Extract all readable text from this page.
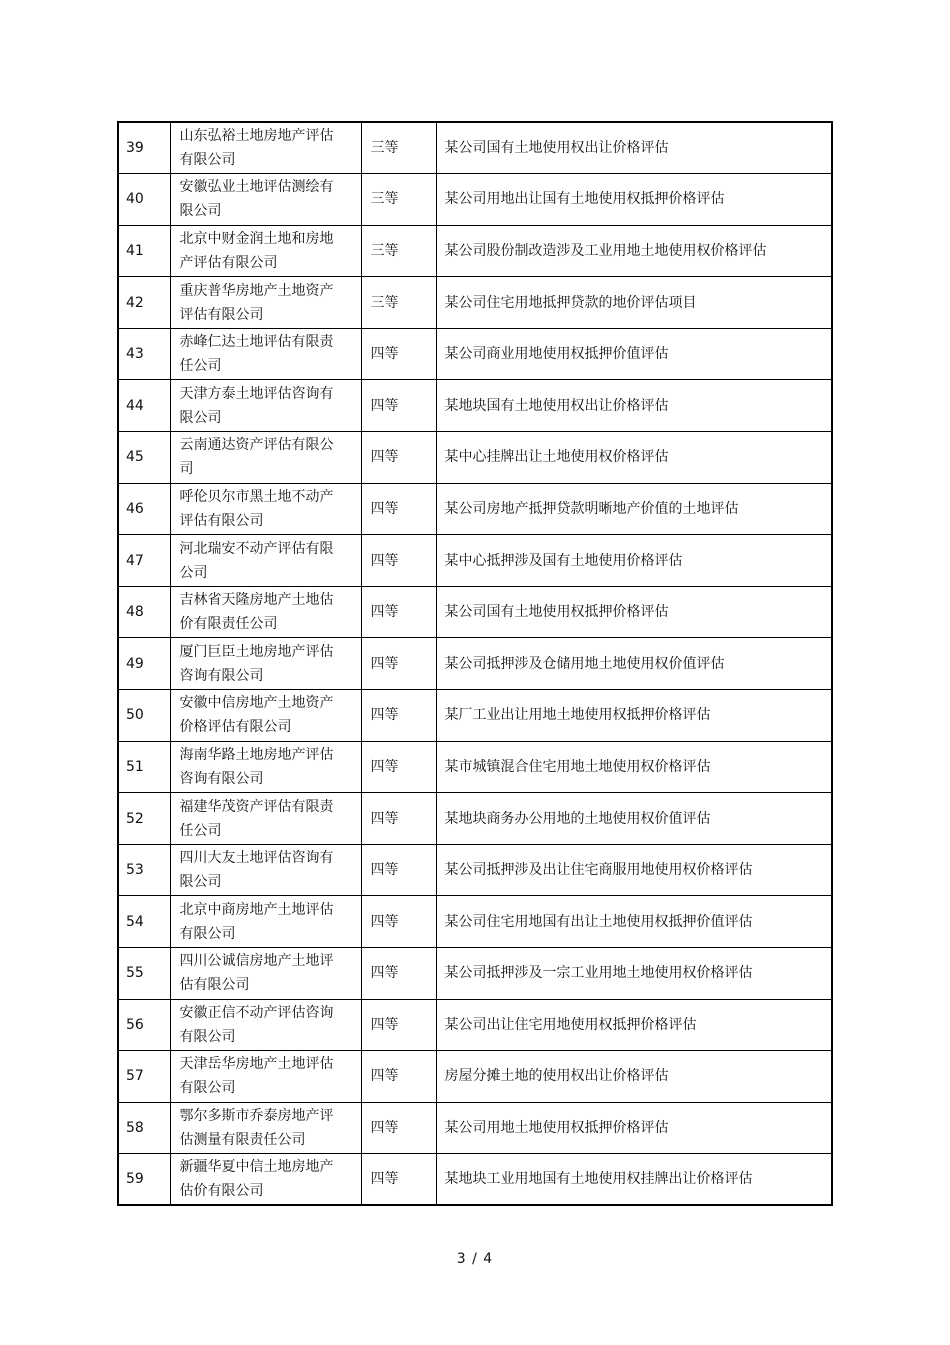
39	山东弘裕土地房地产评估有限公司	三等	某公司国有土地使用权出让价格评估

40	安徽弘业土地评估测绘有限公司	三等	某公司用地出让国有土地使用权抵押价格评估

41	北京中财金润土地和房地产评估有限公司	三等	某公司股份制改造涉及工业用地土地使用权价格评估

42	重庆普华房地产土地资产评估有限公司	三等	某公司住宅用地抵押贷款的地价评估项目

43	赤峰仁达土地评估有限责任公司	四等	某公司商业用地使用权抵押价值评估

44	天津方泰土地评估咨询有限公司	四等	某地块国有土地使用权出让价格评估

45	云南通达资产评估有限公司	四等	某中心挂牌出让土地使用权价格评估

46	呼伦贝尔市黑土地不动产评估有限公司	四等	某公司房地产抵押贷款明晰地产价值的土地评估

47	河北瑞安不动产评估有限公司	四等	某中心抵押涉及国有土地使用价格评估

48	吉林省天隆房地产土地估价有限责任公司	四等	某公司国有土地使用权抵押价格评估

49	厦门巨臣土地房地产评估咨询有限公司	四等	某公司抵押涉及仓储用地土地使用权价值评估

50	安徽中信房地产土地资产价格评估有限公司	四等	某厂工业出让用地土地使用权抵押价格评估

51	海南华路土地房地产评估咨询有限公司	四等	某市城镇混合住宅用地土地使用权价格评估

52	福建华茂资产评估有限责任公司	四等	某地块商务办公用地的土地使用权价值评估

53	四川大友土地评估咨询有限公司	四等	某公司抵押涉及出让住宅商服用地使用权价格评估

54	北京中商房地产土地评估有限公司	四等	某公司住宅用地国有出让土地使用权抵押价值评估

55	四川公诚信房地产土地评估有限公司	四等	某公司抵押涉及一宗工业用地土地使用权价格评估

56	安徽正信不动产评估咨询有限公司	四等	某公司出让住宅用地使用权抵押价格评估

57	天津岳华房地产土地评估有限公司	四等	房屋分摊土地的使用权出让价格评估

58	鄂尔多斯市乔泰房地产评估测量有限责任公司	四等	某公司用地土地使用权抵押价格评估

59	新疆华夏中信土地房地产估价有限公司	四等	某地块工业用地国有土地使用权挂牌出让价格评估
3 / 4
